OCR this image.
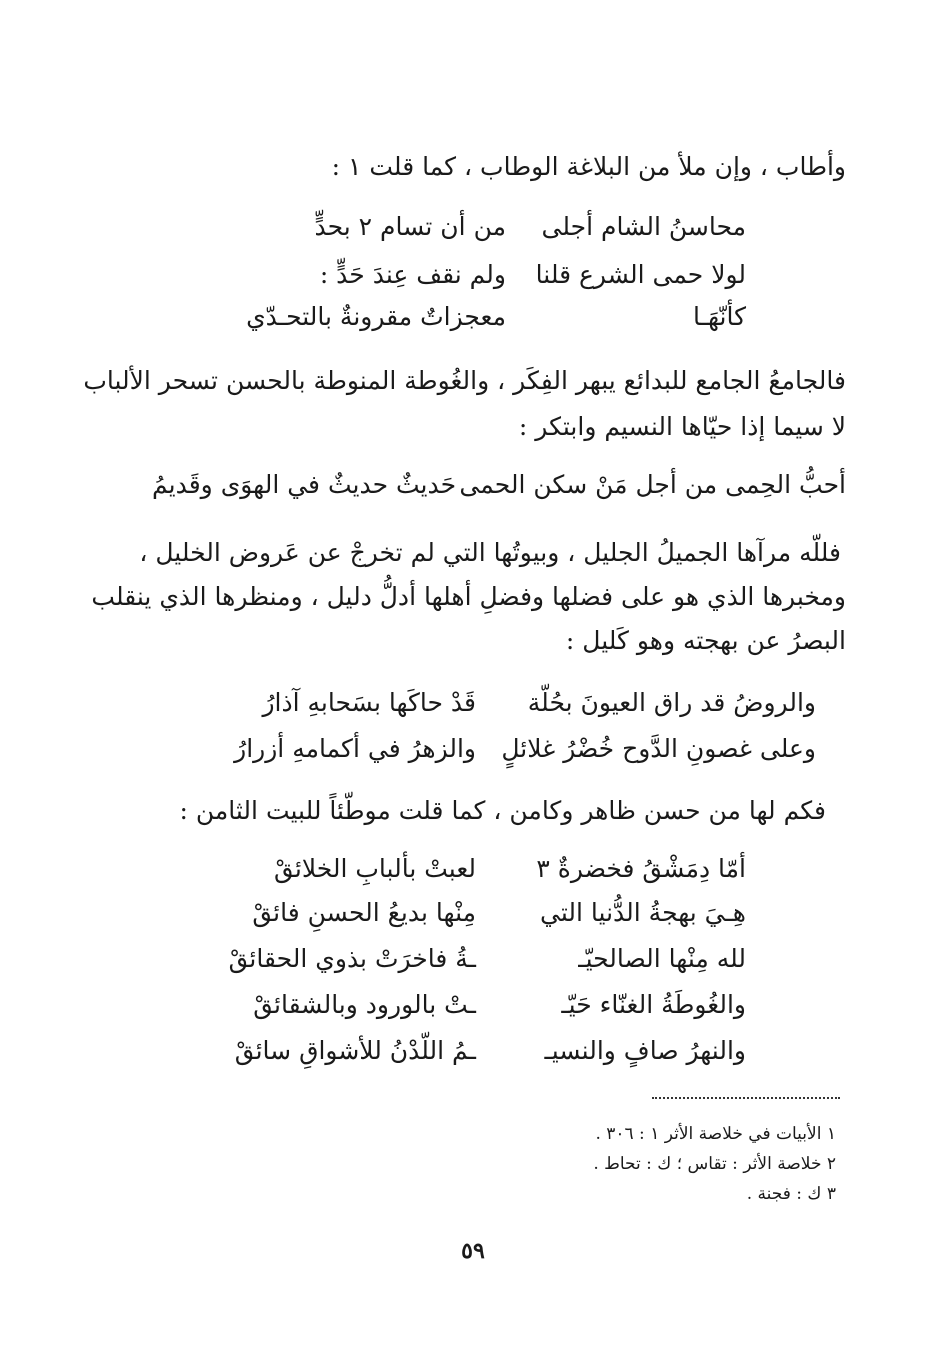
وأطاب ، وإن ملأ من البلاغة الوطاب ، كما قلت ١ :
محاسنُ الشام أجلى
من أن تسام ٢ بحدٍّ
لولا حمى الشرع قلنا
ولم نقف عِندَ حَدٍّ :
كأنّهَـا
معجزاتٌ مقرونةٌ بالتحـدّي
فالجامعُ الجامع للبدائع يبهر الفِكَر ، والغُوطة المنوطة بالحسن تسحر الألباب
لا سيما إذا حيّاها النسيم وابتكر :
أحبُّ الحِمى من أجل مَنْ سكن الحمى
حَديثٌ حديثٌ في الهوَى وقَديمُ
فللّه مرآها الجميلُ الجليل ، وبيوتُها التي لم تخرجْ عن عَروض الخليل ،
ومخبرها الذي هو على فضلها وفضلِ أهلها أدلُّ دليل ، ومنظرها الذي ينقلب
البصرُ عن بهجته وهو كَليل :
والروضُ قد راق العيونَ بحُلّة
قَدْ حاكَها بسَحابهِ آذارُ
وعلى غصونِ الدَّوح خُضْرُ غلائلٍ
والزهرُ في أكمامهِ أزرارُ
فكم لها من حسن ظاهر وكامن ، كما قلت موطّئاً للبيت الثامن :
أمّا دِمَشْقُ فخضرةٌ ٣
لعبتْ بألبابِ الخلائقْ
هِـيَ بهجةُ الدُّنيا التي
مِنْها بديعُ الحسنِ فائقْ
لله مِنْها الصالحيّـ
ـةُ فاخرَتْ بذوي الحقائقْ
والغُوطَةُ الغنّاء حَيّـ
ـتْ بالورود وبالشقائقْ
والنهرُ صافٍ والنسيـ
ـمُ اللّدْنُ للأشواقِ سائقْ
١ الأبيات في خلاصة الأثر ١ : ٣٠٦ .
٢ خلاصة الأثر : تقاس ؛ ك : تحاط .
٣ ك : فجنة .
٥٩
